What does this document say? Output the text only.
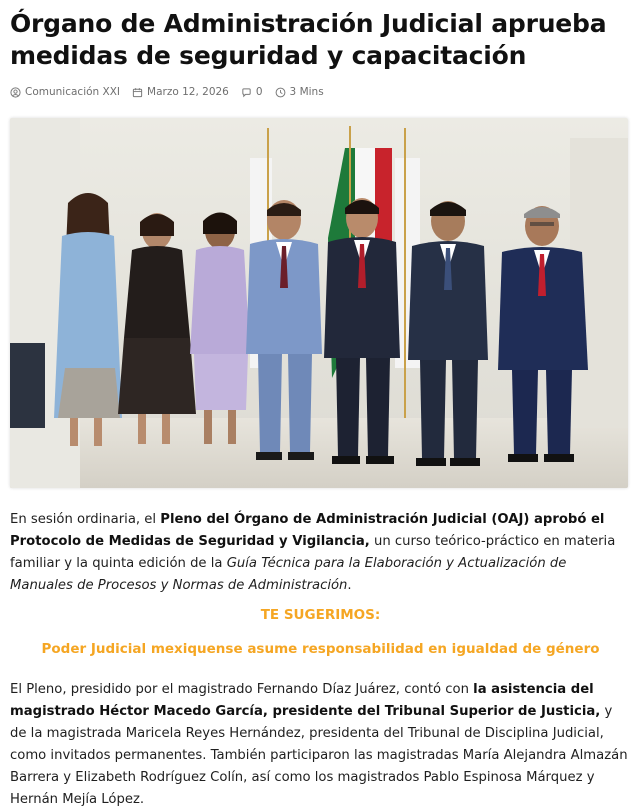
Órgano de Administración Judicial aprueba medidas de seguridad y capacitación
Comunicación XXI	Marzo 12, 2026	0	3 Mins

En sesión ordinaria, el Pleno del Órgano de Administración Judicial (OAJ) aprobó el Protocolo de Medidas de Seguridad y Vigilancia, un curso teórico-práctico en materia familiar y la quinta edición de la Guía Técnica para la Elaboración y Actualización de Manuales de Procesos y Normas de Administración.

TE SUGERIMOS:
Poder Judicial mexiquense asume responsabilidad en igualdad de género

El Pleno, presidido por el magistrado Fernando Díaz Juárez, contó con la asistencia del magistrado Héctor Macedo García, presidente del Tribunal Superior de Justicia, y de la magistrada Maricela Reyes Hernández, presidenta del Tribunal de Disciplina Judicial, como invitados permanentes. También participaron las magistradas María Alejandra Almazán Barrera y Elizabeth Rodríguez Colín, así como los magistrados Pablo Espinosa Márquez y Hernán Mejía López.
